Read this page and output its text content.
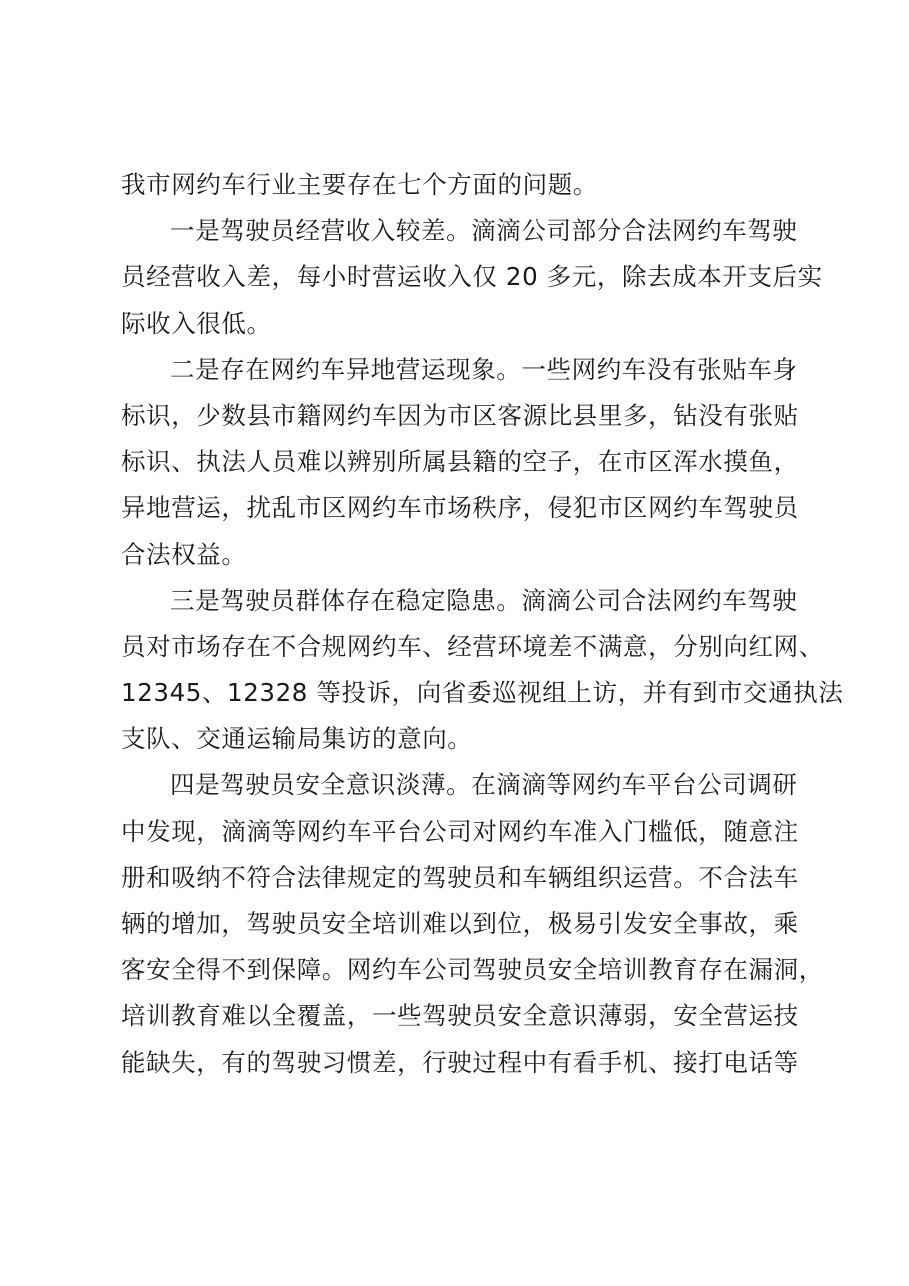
我市网约车行业主要存在七个方面的问题。
一是驾驶员经营收入较差。滴滴公司部分合法网约车驾驶
员经营收入差，每小时营运收入仅 20 多元，除去成本开支后实
际收入很低。
二是存在网约车异地营运现象。一些网约车没有张贴车身
标识，少数县市籍网约车因为市区客源比县里多，钻没有张贴
标识、执法人员难以辨别所属县籍的空子，在市区浑水摸鱼，
异地营运，扰乱市区网约车市场秩序，侵犯市区网约车驾驶员
合法权益。
三是驾驶员群体存在稳定隐患。滴滴公司合法网约车驾驶
员对市场存在不合规网约车、经营环境差不满意，分别向红网、
12345、12328 等投诉，向省委巡视组上访，并有到市交通执法
支队、交通运输局集访的意向。
四是驾驶员安全意识淡薄。在滴滴等网约车平台公司调研
中发现，滴滴等网约车平台公司对网约车准入门槛低，随意注
册和吸纳不符合法律规定的驾驶员和车辆组织运营。不合法车
辆的增加，驾驶员安全培训难以到位，极易引发安全事故，乘
客安全得不到保障。网约车公司驾驶员安全培训教育存在漏洞，
培训教育难以全覆盖，一些驾驶员安全意识薄弱，安全营运技
能缺失，有的驾驶习惯差，行驶过程中有看手机、接打电话等
